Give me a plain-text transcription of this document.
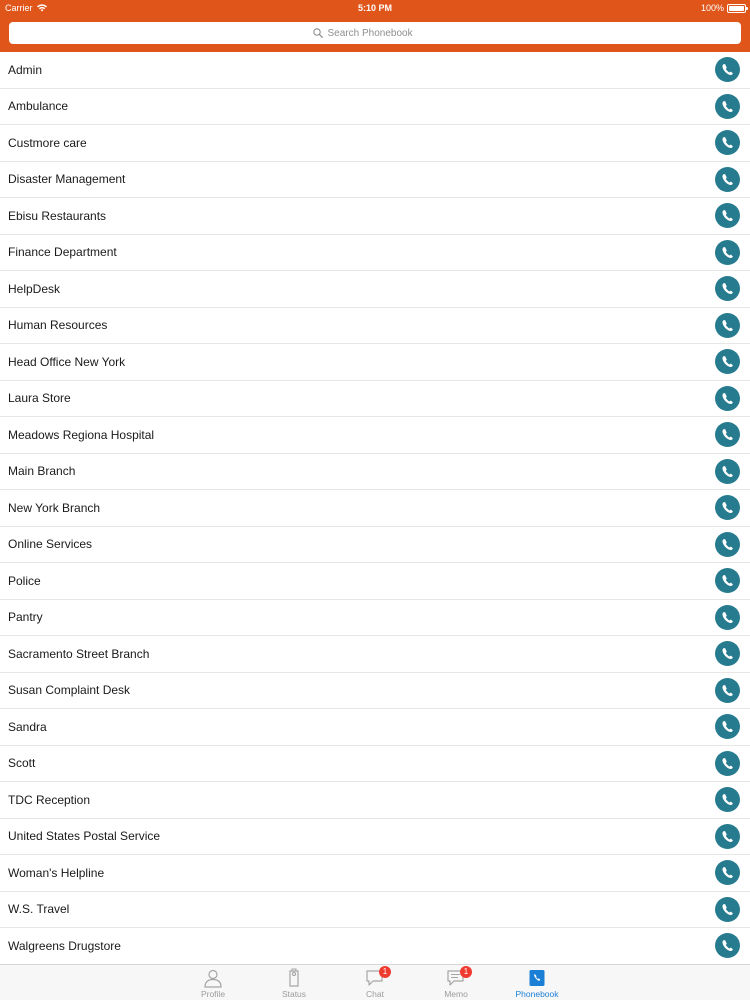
Carrier	5:10 PM	100%
Search Phonebook
Admin
Ambulance
Custmore care
Disaster Management
Ebisu Restaurants
Finance Department
HelpDesk
Human Resources
Head Office New York
Laura Store
Meadows Regiona Hospital
Main Branch
New York Branch
Online Services
Police
Pantry
Sacramento Street Branch
Susan Complaint Desk
Sandra
Scott
TDC Reception
United States Postal Service
Woman's Helpline
W.S. Travel
Walgreens Drugstore
Profile	Status
1
Chat
1
Memo	Phonebook
